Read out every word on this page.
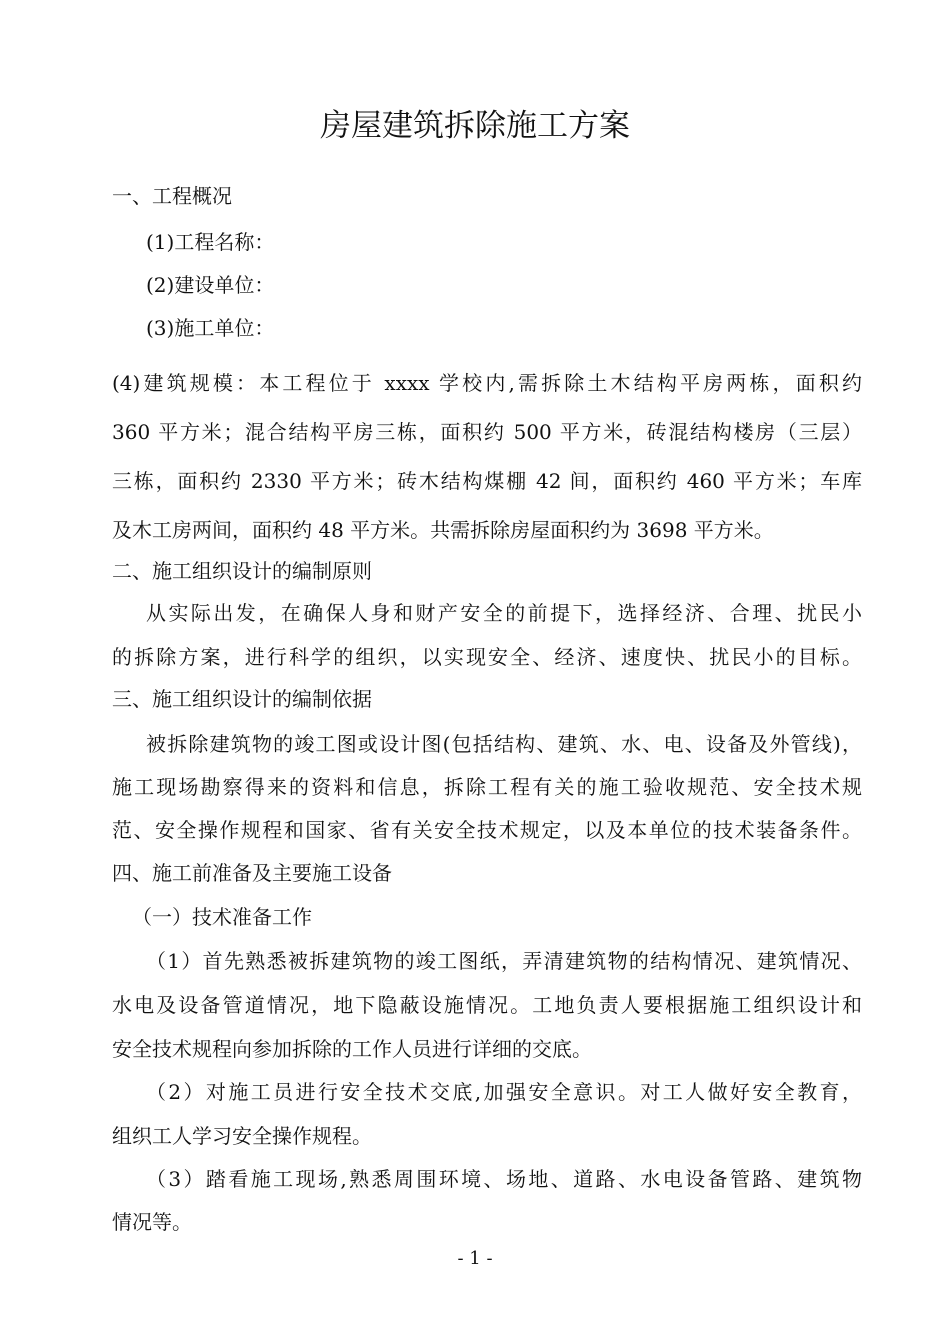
房屋建筑拆除施工方案
一、工程概况
(1)工程名称：
(2)建设单位：
(3)施工单位：
(4)建筑规模：本工程位于 xxxx 学校内,需拆除土木结构平房两栋，面积约
360 平方米；混合结构平房三栋，面积约 500 平方米，砖混结构楼房（三层）
三栋，面积约 2330 平方米；砖木结构煤棚 42 间，面积约 460 平方米；车库
及木工房两间，面积约 48 平方米。共需拆除房屋面积约为 3698 平方米。
二、施工组织设计的编制原则
从实际出发，在确保人身和财产安全的前提下，选择经济、合理、扰民小
的拆除方案，进行科学的组织，以实现安全、经济、速度快、扰民小的目标。
三、施工组织设计的编制依据
被拆除建筑物的竣工图或设计图(包括结构、建筑、水、电、设备及外管线)，
施工现场勘察得来的资料和信息，拆除工程有关的施工验收规范、安全技术规
范、安全操作规程和国家、省有关安全技术规定，以及本单位的技术装备条件。
四、施工前准备及主要施工设备
（一）技术准备工作
（1）首先熟悉被拆建筑物的竣工图纸，弄清建筑物的结构情况、建筑情况、
水电及设备管道情况，地下隐蔽设施情况。工地负责人要根据施工组织设计和
安全技术规程向参加拆除的工作人员进行详细的交底。
（2）对施工员进行安全技术交底,加强安全意识。对工人做好安全教育，
组织工人学习安全操作规程。
（3）踏看施工现场,熟悉周围环境、场地、道路、水电设备管路、建筑物
情况等。
- 1 -
